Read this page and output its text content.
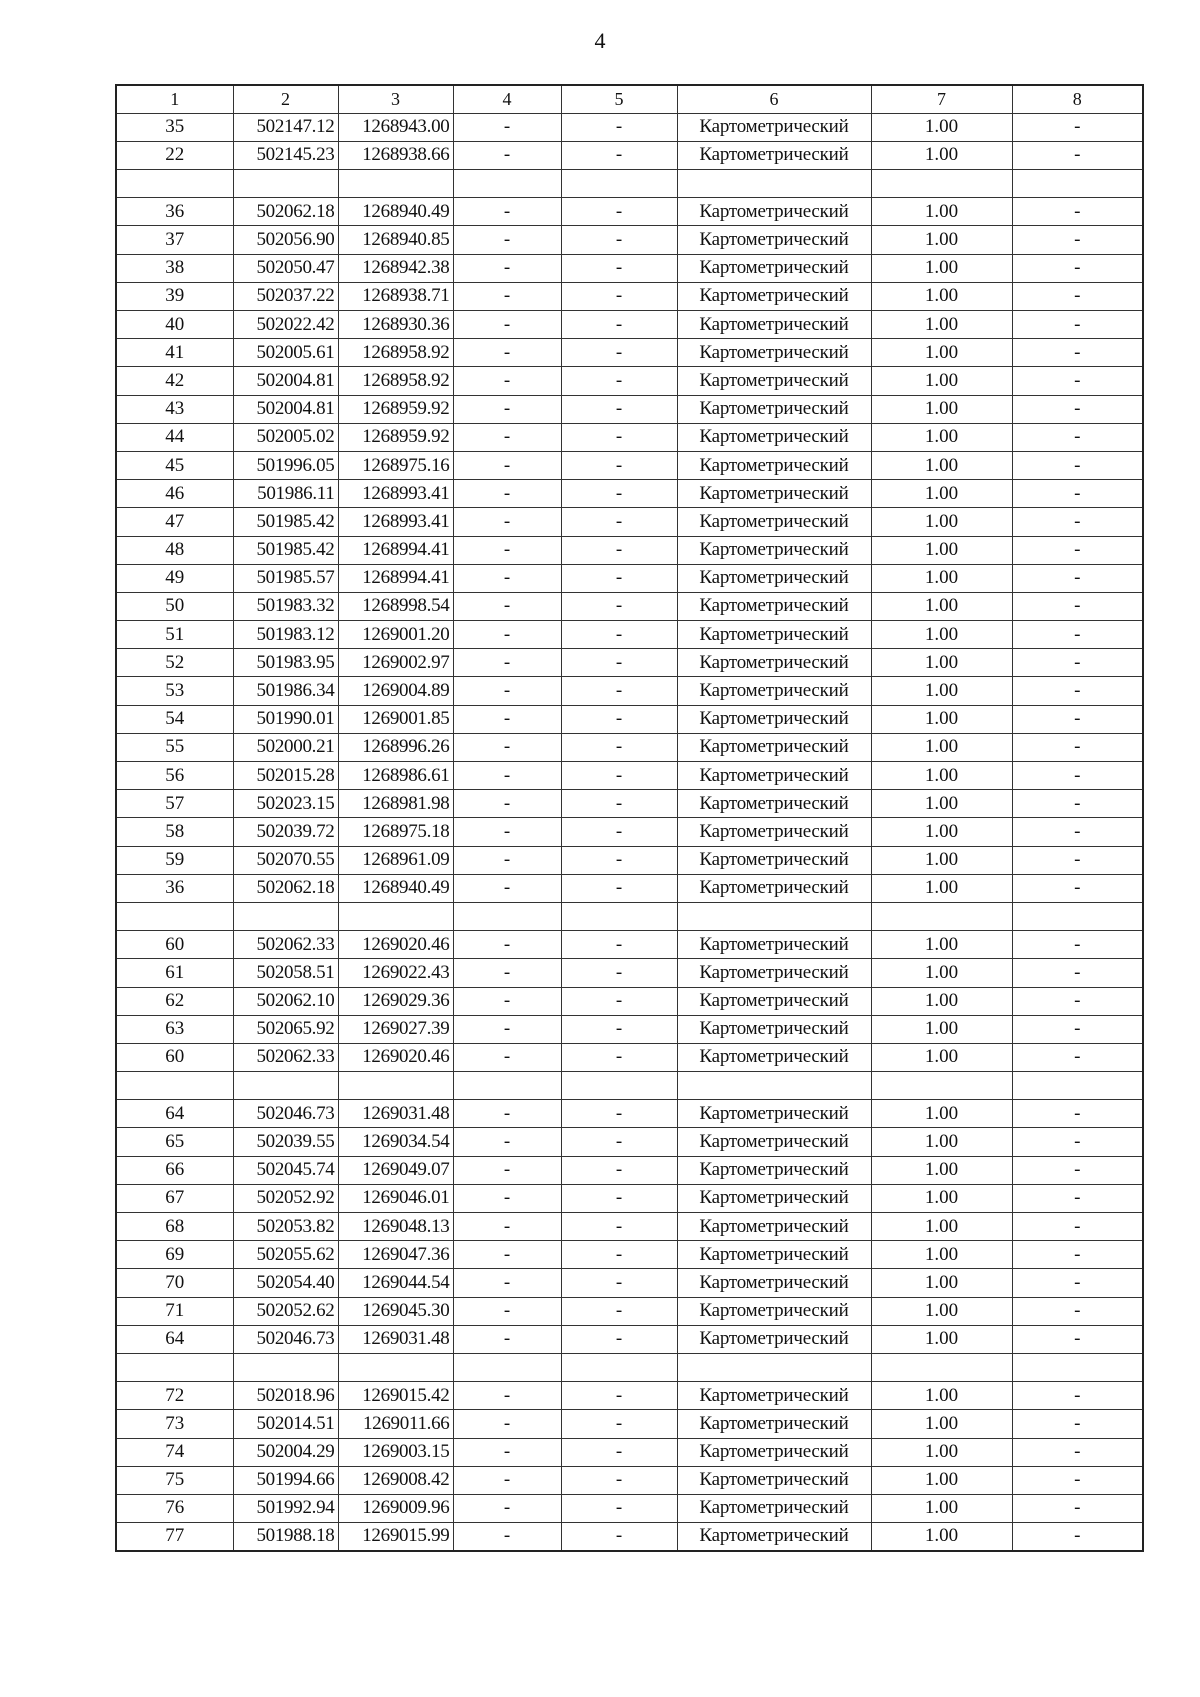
4
1	2	3	4	5	6	7	8
35	502147.12	1268943.00	-	-	Картометрический	1.00	-
22	502145.23	1268938.66	-	-	Картометрический	1.00	-

36	502062.18	1268940.49	-	-	Картометрический	1.00	-
37	502056.90	1268940.85	-	-	Картометрический	1.00	-
38	502050.47	1268942.38	-	-	Картометрический	1.00	-
39	502037.22	1268938.71	-	-	Картометрический	1.00	-
40	502022.42	1268930.36	-	-	Картометрический	1.00	-
41	502005.61	1268958.92	-	-	Картометрический	1.00	-
42	502004.81	1268958.92	-	-	Картометрический	1.00	-
43	502004.81	1268959.92	-	-	Картометрический	1.00	-
44	502005.02	1268959.92	-	-	Картометрический	1.00	-
45	501996.05	1268975.16	-	-	Картометрический	1.00	-
46	501986.11	1268993.41	-	-	Картометрический	1.00	-
47	501985.42	1268993.41	-	-	Картометрический	1.00	-
48	501985.42	1268994.41	-	-	Картометрический	1.00	-
49	501985.57	1268994.41	-	-	Картометрический	1.00	-
50	501983.32	1268998.54	-	-	Картометрический	1.00	-
51	501983.12	1269001.20	-	-	Картометрический	1.00	-
52	501983.95	1269002.97	-	-	Картометрический	1.00	-
53	501986.34	1269004.89	-	-	Картометрический	1.00	-
54	501990.01	1269001.85	-	-	Картометрический	1.00	-
55	502000.21	1268996.26	-	-	Картометрический	1.00	-
56	502015.28	1268986.61	-	-	Картометрический	1.00	-
57	502023.15	1268981.98	-	-	Картометрический	1.00	-
58	502039.72	1268975.18	-	-	Картометрический	1.00	-
59	502070.55	1268961.09	-	-	Картометрический	1.00	-
36	502062.18	1268940.49	-	-	Картометрический	1.00	-

60	502062.33	1269020.46	-	-	Картометрический	1.00	-
61	502058.51	1269022.43	-	-	Картометрический	1.00	-
62	502062.10	1269029.36	-	-	Картометрический	1.00	-
63	502065.92	1269027.39	-	-	Картометрический	1.00	-
60	502062.33	1269020.46	-	-	Картометрический	1.00	-

64	502046.73	1269031.48	-	-	Картометрический	1.00	-
65	502039.55	1269034.54	-	-	Картометрический	1.00	-
66	502045.74	1269049.07	-	-	Картометрический	1.00	-
67	502052.92	1269046.01	-	-	Картометрический	1.00	-
68	502053.82	1269048.13	-	-	Картометрический	1.00	-
69	502055.62	1269047.36	-	-	Картометрический	1.00	-
70	502054.40	1269044.54	-	-	Картометрический	1.00	-
71	502052.62	1269045.30	-	-	Картометрический	1.00	-
64	502046.73	1269031.48	-	-	Картометрический	1.00	-

72	502018.96	1269015.42	-	-	Картометрический	1.00	-
73	502014.51	1269011.66	-	-	Картометрический	1.00	-
74	502004.29	1269003.15	-	-	Картометрический	1.00	-
75	501994.66	1269008.42	-	-	Картометрический	1.00	-
76	501992.94	1269009.96	-	-	Картометрический	1.00	-
77	501988.18	1269015.99	-	-	Картометрический	1.00	-
